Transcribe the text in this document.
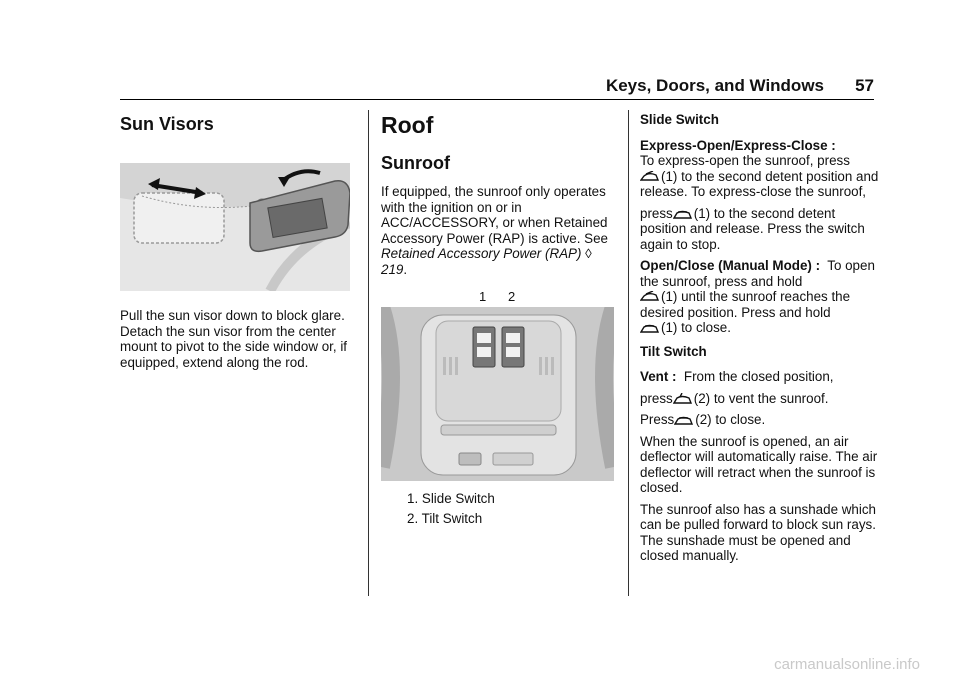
Keys, Doors, and Windows 57
Sun Visors

Pull the sun visor down to block glare. Detach the sun visor from the center mount to pivot to the side window or, if equipped, extend along the rod.

Roof
Sunroof

If equipped, the sunroof only operates with the ignition on or in ACC/ACCESSORY, or when Retained Accessory Power (RAP) is active. See Retained Accessory Power (RAP) ◊ 219.

1 2
1. Slide Switch
2. Tilt Switch

Slide Switch

Express-Open/Express-Close :
To express-open the sunroof, press
(1) to the second detent position and release. To express-close the sunroof,

press (1) to the second detent position and release. Press the switch again to stop.

Open/Close (Manual Mode) : To open the sunroof, press and hold
(1) until the sunroof reaches the desired position. Press and hold
(1) to close.

Tilt Switch

Vent : From the closed position,

press (2) to vent the sunroof.

Press (2) to close.

When the sunroof is opened, an air deflector will automatically raise. The air deflector will retract when the sunroof is closed.

The sunroof also has a sunshade which can be pulled forward to block sun rays. The sunshade must be opened and closed manually.

carmanualsonline.info
